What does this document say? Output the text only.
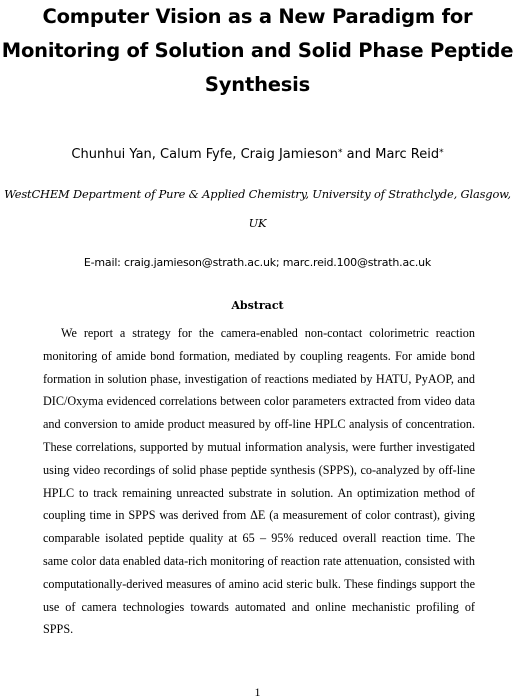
Computer Vision as a New Paradigm for Monitoring of Solution and Solid Phase Peptide Synthesis
Chunhui Yan, Calum Fyfe, Craig Jamieson* and Marc Reid*

WestCHEM Department of Pure & Applied Chemistry, University of Strathclyde, Glasgow, UK

E-mail: craig.jamieson@strath.ac.uk; marc.reid.100@strath.ac.uk
Abstract

We report a strategy for the camera-enabled non-contact colorimetric reaction monitoring of amide bond formation, mediated by coupling reagents. For amide bond formation in solution phase, investigation of reactions mediated by HATU, PyAOP, and DIC/Oxyma evidenced correlations between color parameters extracted from video data and conversion to amide product measured by off-line HPLC analysis of concentration. These correlations, supported by mutual information analysis, were further investigated using video recordings of solid phase peptide synthesis (SPPS), co-analyzed by off-line HPLC to track remaining unreacted substrate in solution. An optimization method of coupling time in SPPS was derived from ΔE (a measurement of color contrast), giving comparable isolated peptide quality at 65 – 95% reduced overall reaction time. The same color data enabled data-rich monitoring of reaction rate attenuation, consisted with computationally-derived measures of amino acid steric bulk. These findings support the use of camera technologies towards automated and online mechanistic profiling of SPPS.

1
